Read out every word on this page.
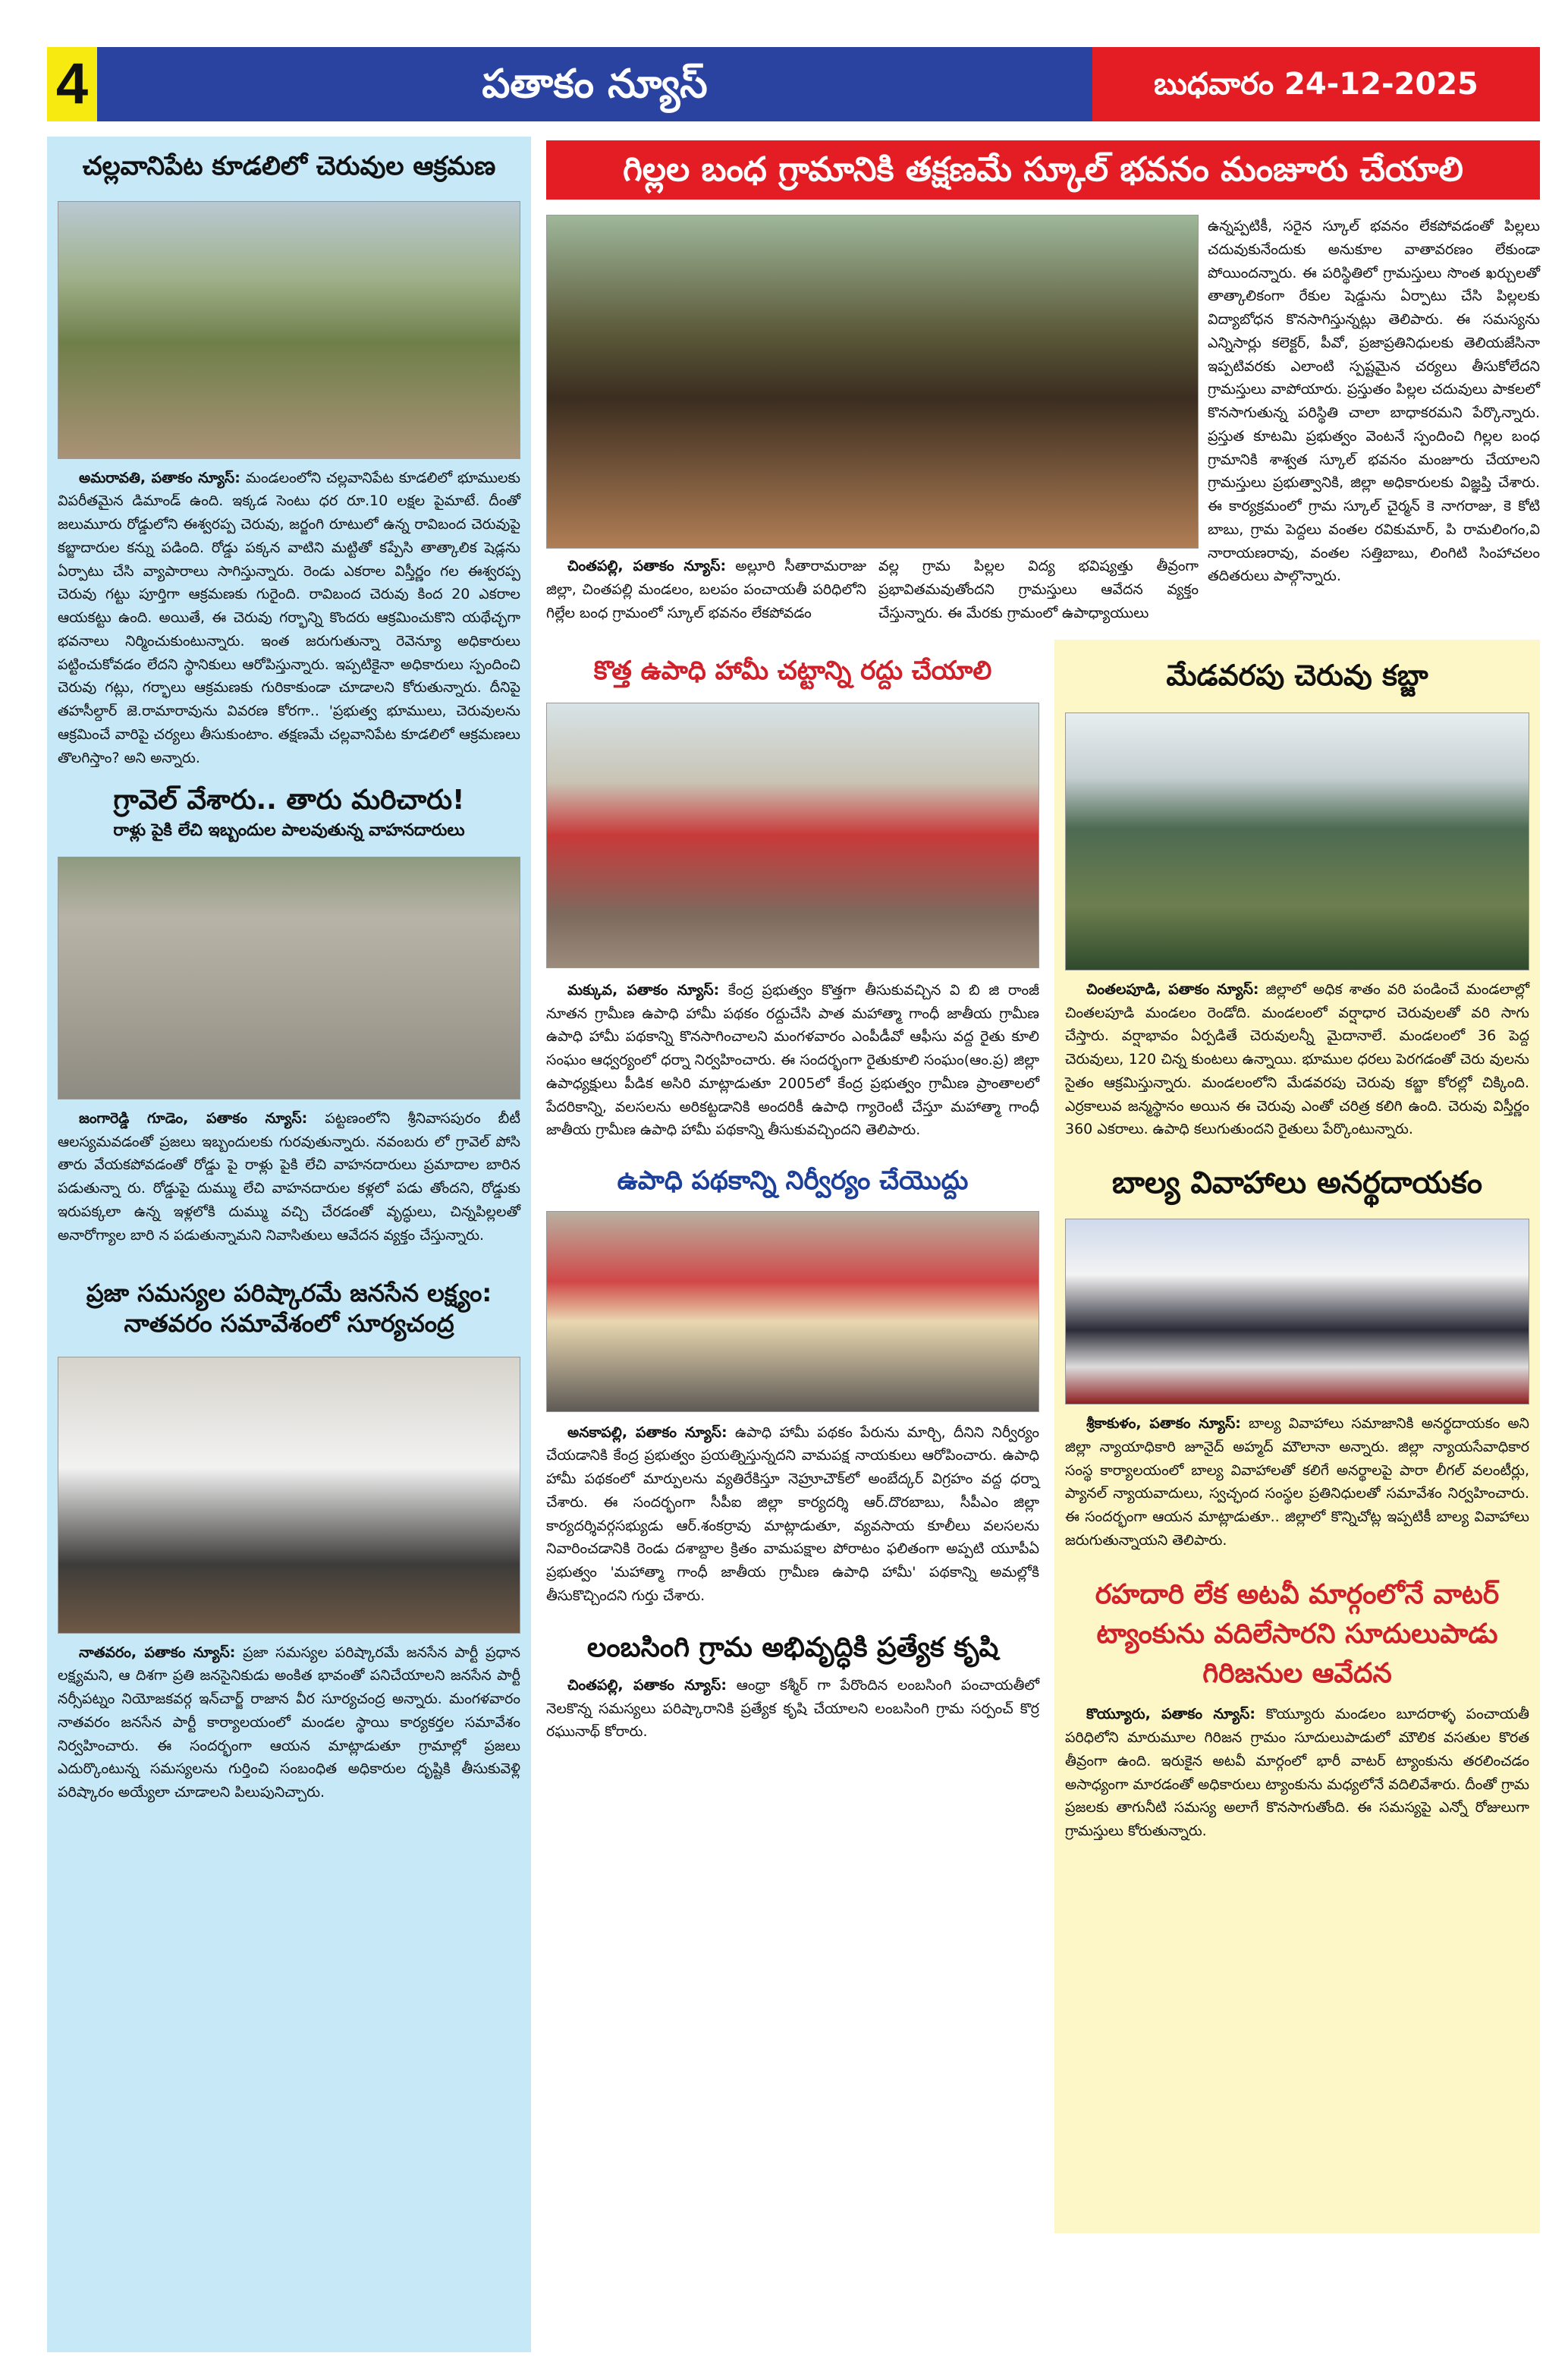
4	పతాకం న్యూస్	బుధవారం 24-12-2025
చల్లవానిపేట కూడలిలో చెరువుల ఆక్రమణ

అమరావతి, పతాకం న్యూస్: మండలంలోని చల్లవానిపేట కూడలిలో భూములకు విపరీతమైన డిమాండ్ ఉంది. ఇక్కడ సెంటు ధర రూ.10 లక్షల పైమాటే. దీంతో జలుమూరు రోడ్డులోని ఈశ్వరప్ప చెరువు, జర్జంగి రూటులో ఉన్న రావిబంద చెరువుపై కబ్జాదారుల కన్ను పడింది. రోడ్డు పక్కన వాటిని మట్టితో కప్పేసి తాత్కాలిక షెడ్లను ఏర్పాటు చేసి వ్యాపారాలు సాగిస్తున్నారు. రెండు ఎకరాల విస్తీర్ణం గల ఈశ్వరప్ప చెరువు గట్టు పూర్తిగా ఆక్రమణకు గురైంది. రావిబంద చెరువు కింద 20 ఎకరాల ఆయకట్టు ఉంది. అయితే, ఈ చెరువు గర్భాన్ని కొందరు ఆక్రమించుకొని యథేచ్ఛగా భవనాలు నిర్మించుకుంటున్నారు. ఇంత జరుగుతున్నా రెవెన్యూ అధికారులు పట్టించుకోవడం లేదని స్థానికులు ఆరోపిస్తున్నారు. ఇప్పటికైనా అధికారులు స్పందించి చెరువు గట్లు, గర్భాలు ఆక్రమణకు గురికాకుండా చూడాలని కోరుతున్నారు. దీనిపై తహసీల్దార్ జె.రామారావును వివరణ కోరగా.. 'ప్రభుత్వ భూములు, చెరువులను ఆక్రమించే వారిపై చర్యలు తీసుకుంటాం. తక్షణమే చల్లవానిపేట కూడలిలో ఆక్రమణలు తొలగిస్తాం? అని అన్నారు.

గ్రావెల్ వేశారు.. తారు మరిచారు!
రాళ్లు పైకి లేచి ఇబ్బందుల పాలవుతున్న వాహనదారులు

జంగారెడ్డి గూడెం, పతాకం న్యూస్: పట్టణంలోని శ్రీనివాసపురం బీటీ ఆలస్యమవడంతో ప్రజలు ఇబ్బందులకు గురవుతున్నారు. నవంబరు లో గ్రావెల్ పోసి తారు వేయకపోవడంతో రోడ్డు పై రాళ్లు పైకి లేచి వాహనదారులు ప్రమాదాల బారిన పడుతున్నా రు. రోడ్డుపై దుమ్ము లేచి వాహనదారుల కళ్లలో పడు తోందని, రోడ్డుకు ఇరుపక్కలా ఉన్న ఇళ్లలోకి దుమ్ము వచ్చి చేరడంతో వృద్ధులు, చిన్నపిల్లలతో అనారోగ్యాల బారి న పడుతున్నామని నివాసితులు ఆవేదన వ్యక్తం చేస్తున్నారు.

ప్రజా సమస్యల పరిష్కారమే జనసేన లక్ష్యం: నాతవరం సమావేశంలో సూర్యచంద్ర

నాతవరం, పతాకం న్యూస్: ప్రజా సమస్యల పరిష్కారమే జనసేన పార్టీ ప్రధాన లక్ష్యమని, ఆ దిశగా ప్రతి జనసైనికుడు అంకిత భావంతో పనిచేయాలని జనసేన పార్టీ నర్సీపట్నం నియోజకవర్గ ఇన్‌చార్జ్ రాజాన వీర సూర్యచంద్ర అన్నారు. మంగళవారం నాతవరం జనసేన పార్టీ కార్యాలయంలో మండల స్థాయి కార్యకర్తల సమావేశం నిర్వహించారు. ఈ సందర్భంగా ఆయన మాట్లాడుతూ గ్రామాల్లో ప్రజలు ఎదుర్కొంటున్న సమస్యలను గుర్తించి సంబంధిత అధికారుల దృష్టికి తీసుకువెళ్లి పరిష్కారం అయ్యేలా చూడాలని పిలుపునిచ్చారు.

గిల్లల బంధ గ్రామానికి తక్షణమే స్కూల్ భవనం మంజూరు చేయాలి

చింతపల్లి, పతాకం న్యూస్: అల్లూరి సీతారామరాజు జిల్లా, చింతపల్లి మండలం, బలపం పంచాయతీ పరిధిలోని గిల్లేల బంధ గ్రామంలో స్కూల్ భవనం లేకపోవడం

వల్ల గ్రామ పిల్లల విద్య భవిష్యత్తు తీవ్రంగా ప్రభావితమవుతోందని గ్రామస్తులు ఆవేదన వ్యక్తం చేస్తున్నారు. ఈ మేరకు గ్రామంలో ఉపాధ్యాయులు

ఉన్నప్పటికీ, సరైన స్కూల్ భవనం లేకపోవడంతో పిల్లలు చదువుకునేందుకు అనుకూల వాతావరణం లేకుండా పోయిందన్నారు. ఈ పరిస్థితిలో గ్రామస్తులు సొంత ఖర్చులతో తాత్కాలికంగా రేకుల షెడ్డును ఏర్పాటు చేసి పిల్లలకు విద్యాబోధన కొనసాగిస్తున్నట్లు తెలిపారు. ఈ సమస్యను ఎన్నిసార్లు కలెక్టర్, పీవో, ప్రజాప్రతినిధులకు తెలియజేసినా ఇప్పటివరకు ఎలాంటి స్పష్టమైన చర్యలు తీసుకోలేదని గ్రామస్తులు వాపోయారు. ప్రస్తుతం పిల్లల చదువులు పాకలలో కొనసాగుతున్న పరిస్థితి చాలా బాధాకరమని పేర్కొన్నారు. ప్రస్తుత కూటమి ప్రభుత్వం వెంటనే స్పందించి గిల్లల బంధ గ్రామానికి శాశ్వత స్కూల్ భవనం మంజూరు చేయాలని గ్రామస్తులు ప్రభుత్వానికి, జిల్లా అధికారులకు విజ్ఞప్తి చేశారు. ఈ కార్యక్రమంలో గ్రామ స్కూల్ చైర్మన్ కె నాగరాజు, కె కోటి బాబు, గ్రామ పెద్దలు వంతల రవికుమార్, పి రామలింగం,వి నారాయణరావు, వంతల సత్తిబాబు, లింగిటి సింహాచలం తదితరులు పాల్గొన్నారు.

కొత్త ఉపాధి హామీ చట్టాన్ని రద్దు చేయాలి

మక్కువ, పతాకం న్యూస్: కేంద్ర ప్రభుత్వం కొత్తగా తీసుకువచ్చిన వి బి జి రాంజీ నూతన గ్రామీణ ఉపాధి హామీ పథకం రద్దుచేసి పాత మహాత్మా గాంధీ జాతీయ గ్రామీణ ఉపాధి హామీ పథకాన్ని కొనసాగించాలని మంగళవారం ఎంపీడీవో ఆఫీసు వద్ద రైతు కూలి సంఘం ఆధ్వర్యంలో ధర్నా నిర్వహించారు. ఈ సందర్భంగా రైతుకూలి సంఘం(ఆం.ప్ర) జిల్లా ఉపాధ్యక్షులు పీడిక అసిరి మాట్లాడుతూ 2005లో కేంద్ర ప్రభుత్వం గ్రామీణ ప్రాంతాలలో పేదరికాన్ని, వలసలను అరికట్టడానికి అందరికీ ఉపాధి గ్యారెంటీ చేస్తూ మహాత్మా గాంధీ జాతీయ గ్రామీణ ఉపాధి హామీ పథకాన్ని తీసుకువచ్చిందని తెలిపారు.

ఉపాధి పథకాన్ని నిర్వీర్యం చేయొద్దు

అనకాపల్లి, పతాకం న్యూస్: ఉపాధి హామీ పథకం పేరును మార్చి, దీనిని నిర్వీర్యం చేయడానికి కేంద్ర ప్రభుత్వం ప్రయత్నిస్తున్నదని వామపక్ష నాయకులు ఆరోపించారు. ఉపాధి హామీ పథకంలో మార్పులను వ్యతిరేకిస్తూ నెహ్రూచౌక్‌లో అంబేద్కర్ విగ్రహం వద్ద ధర్నా చేశారు. ఈ సందర్భంగా సీపీఐ జిల్లా కార్యదర్శి ఆర్.దొరబాబు, సీపీఎం జిల్లా కార్యదర్శివర్గసభ్యుడు ఆర్.శంకర్రావు మాట్లాడుతూ, వ్యవసాయ కూలీలు వలసలను నివారించడానికి రెండు దశాబ్దాల క్రితం వామపక్షాల పోరాటం ఫలితంగా అప్పటి యూపీఏ ప్రభుత్వం 'మహాత్మా గాంధీ జాతీయ గ్రామీణ ఉపాధి హామీ' పథకాన్ని అమల్లోకి తీసుకొచ్చిందని గుర్తు చేశారు.

లంబసింగి గ్రామ అభివృద్ధికి ప్రత్యేక కృషి

చింతపల్లి, పతాకం న్యూస్: ఆంధ్రా కశ్మీర్ గా పేరొందిన లంబసింగి పంచాయతీలో నెలకొన్న సమస్యలు పరిష్కారానికి ప్రత్యేక కృషి చేయాలని లంబసింగి గ్రామ సర్పంచ్ కొర్ర రఘునాథ్ కోరారు.

మేడవరపు చెరువు కబ్జా

చింతలపూడి, పతాకం న్యూస్: జిల్లాలో అధిక శాతం వరి పండించే మండలాల్లో చింతలపూడి మండలం రెండోది. మండలంలో వర్షాధార చెరువులతో వరి సాగు చేస్తారు. వర్షాభావం ఏర్పడితే చెరువులన్నీ మైదానాలే. మండలంలో 36 పెద్ద చెరువులు, 120 చిన్న కుంటలు ఉన్నాయి. భూముల ధరలు పెరగడంతో చెరు వులను సైతం ఆక్రమిస్తున్నారు. మండలంలోని మేడవరపు చెరువు కబ్జా కోరల్లో చిక్కింది. ఎర్రకాలువ జన్మస్థానం అయిన ఈ చెరువు ఎంతో చరిత్ర కలిగి ఉంది. చెరువు విస్తీర్ణం 360 ఎకరాలు. ఉపాధి కలుగుతుందని రైతులు పేర్కొంటున్నారు.

బాల్య వివాహాలు అనర్థదాయకం

శ్రీకాకుళం, పతాకం న్యూస్: బాల్య వివాహాలు సమాజానికి అనర్థదాయకం అని జిల్లా న్యాయాధికారి జూనైద్ అహ్మద్ మౌలానా అన్నారు. జిల్లా న్యాయసేవాధికార సంస్థ కార్యాలయంలో బాల్య వివాహాలతో కలిగే అనర్థాలపై పారా లీగల్ వలంటీర్లు, ప్యానల్ న్యాయవాదులు, స్వచ్ఛంద సంస్థల ప్రతినిధులతో సమావేశం నిర్వహించారు. ఈ సందర్భంగా ఆయన మాట్లాడుతూ.. జిల్లాలో కొన్నిచోట్ల ఇప్పటికీ బాల్య వివాహాలు జరుగుతున్నాయని తెలిపారు.

రహదారి లేక అటవీ మార్గంలోనే వాటర్ ట్యాంకును వదిలేసారని సూదులుపాడు గిరిజనుల ఆవేదన

కొయ్యూరు, పతాకం న్యూస్: కొయ్యూరు మండలం బూదరాళ్ళ పంచాయతీ పరిధిలోని మారుమూల గిరిజన గ్రామం సూదులుపాడులో మౌలిక వసతుల కొరత తీవ్రంగా ఉంది. ఇరుకైన అటవీ మార్గంలో భారీ వాటర్ ట్యాంకును తరలించడం అసాధ్యంగా మారడంతో అధికారులు ట్యాంకును మధ్యలోనే వదిలివేశారు. దీంతో గ్రామ ప్రజలకు తాగునీటి సమస్య అలాగే కొనసాగుతోంది. ఈ సమస్యపై ఎన్నో రోజులుగా గ్రామస్తులు కోరుతున్నారు.
